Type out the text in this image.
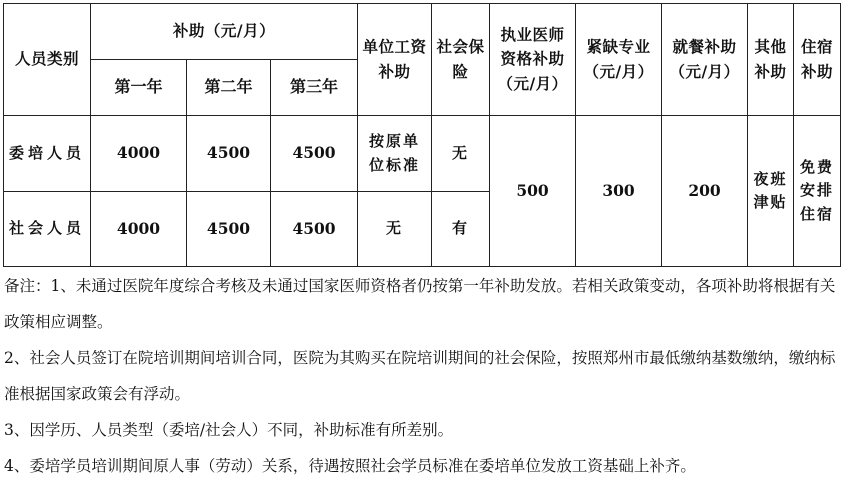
人员类别	补助（元/月）			单位工资补助	社会保险	执业医师资格补助（元/月）	紧缺专业（元/月）	就餐补助（元/月）	其他补助	住宿补助
	第一年	第二年	第三年							
委培人员	4000	4500	4500	按原单位标准	无	500	300	200	夜班津贴	免费安排住宿
社会人员	4000	4500	4500	无	有					

备注：1、未通过医院年度综合考核及未通过国家医师资格者仍按第一年补助发放。若相关政策变动，各项补助将根据有关政策相应调整。

2、社会人员签订在院培训期间培训合同，医院为其购买在院培训期间的社会保险，按照郑州市最低缴纳基数缴纳，缴纳标准根据国家政策会有浮动。

3、因学历、人员类型（委培/社会人）不同，补助标准有所差别。

4、委培学员培训期间原人事（劳动）关系，待遇按照社会学员标准在委培单位发放工资基础上补齐。
